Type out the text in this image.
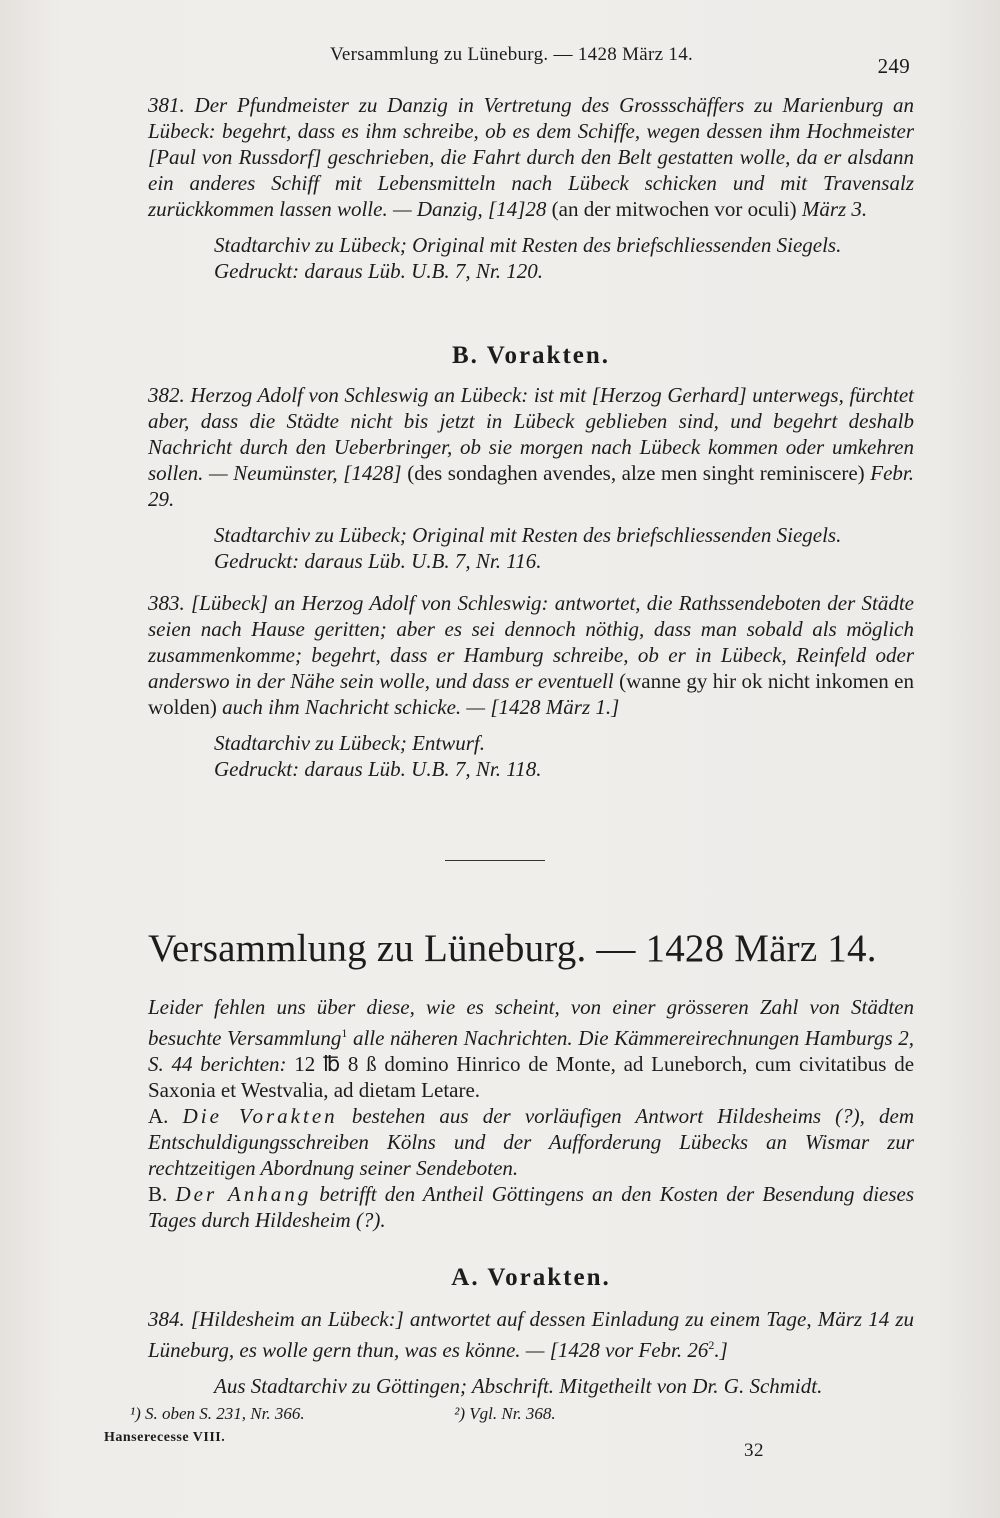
Versammlung zu Lüneburg. — 1428 März 14.	249

381. Der Pfundmeister zu Danzig in Vertretung des Grossschäffers zu Marienburg an Lübeck: begehrt, dass es ihm schreibe, ob es dem Schiffe, wegen dessen ihm Hochmeister [Paul von Russdorf] geschrieben, die Fahrt durch den Belt gestatten wolle, da er alsdann ein anderes Schiff mit Lebensmitteln nach Lübeck schicken und mit Travensalz zurückkommen lassen wolle. — Danzig, [14]28 (an der mitwochen vor oculi) März 3.

Stadtarchiv zu Lübeck; Original mit Resten des briefschliessenden Siegels.

Gedruckt: daraus Lüb. U.B. 7, Nr. 120.

B. Vorakten.

382. Herzog Adolf von Schleswig an Lübeck: ist mit [Herzog Gerhard] unterwegs, fürchtet aber, dass die Städte nicht bis jetzt in Lübeck geblieben sind, und begehrt deshalb Nachricht durch den Ueberbringer, ob sie morgen nach Lübeck kommen oder umkehren sollen. — Neumünster, [1428] (des sondaghen avendes, alze men singht reminiscere) Febr. 29.

Stadtarchiv zu Lübeck; Original mit Resten des briefschliessenden Siegels.

Gedruckt: daraus Lüb. U.B. 7, Nr. 116.

383. [Lübeck] an Herzog Adolf von Schleswig: antwortet, die Rathssendeboten der Städte seien nach Hause geritten; aber es sei dennoch nöthig, dass man sobald als möglich zusammenkomme; begehrt, dass er Hamburg schreibe, ob er in Lübeck, Reinfeld oder anderswo in der Nähe sein wolle, und dass er eventuell (wanne gy hir ok nicht inkomen en wolden) auch ihm Nachricht schicke. — [1428 März 1.]

Stadtarchiv zu Lübeck; Entwurf.

Gedruckt: daraus Lüb. U.B. 7, Nr. 118.

Versammlung zu Lüneburg. — 1428 März 14.

Leider fehlen uns über diese, wie es scheint, von einer grösseren Zahl von Städten besuchte Versammlung$^1$ alle näheren Nachrichten. Die Kämmereirechnungen Hamburgs 2, S. 44 berichten: 12 ℔ 8 ß domino Hinrico de Monte, ad Luneborch, cum civitatibus de Saxonia et Westvalia, ad dietam Letare.

A. Die Vorakten bestehen aus der vorläufigen Antwort Hildesheims (?), dem Entschuldigungsschreiben Kölns und der Aufforderung Lübecks an Wismar zur rechtzeitigen Abordnung seiner Sendeboten.

B. Der Anhang betrifft den Antheil Göttingens an den Kosten der Besendung dieses Tages durch Hildesheim (?).

A. Vorakten.

384. [Hildesheim an Lübeck:] antwortet auf dessen Einladung zu einem Tage, März 14 zu Lüneburg, es wolle gern thun, was es könne. — [1428 vor Febr. $26^2$.]

Aus Stadtarchiv zu Göttingen; Abschrift. Mitgetheilt von Dr. G. Schmidt.

¹) S. oben S. 231, Nr. 366.	²) Vgl. Nr. 368.
Hanserecesse VIII.
32
